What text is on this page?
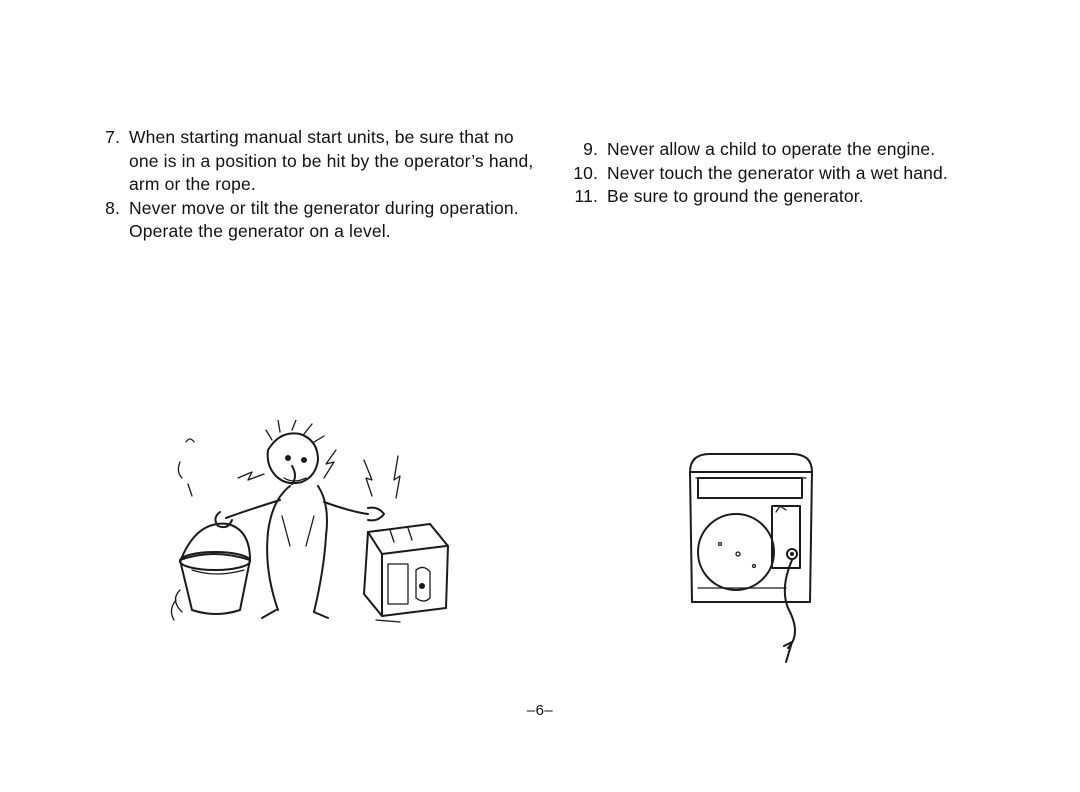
7. When starting manual start units, be sure that no one is in a position to be hit by the operator’s hand, arm or the rope.
8. Never move or tilt the generator during operation. Operate the generator on a level.
9. Never allow a child to operate the engine.
10. Never touch the generator with a wet hand.
11. Be sure to ground the generator.
–6–
